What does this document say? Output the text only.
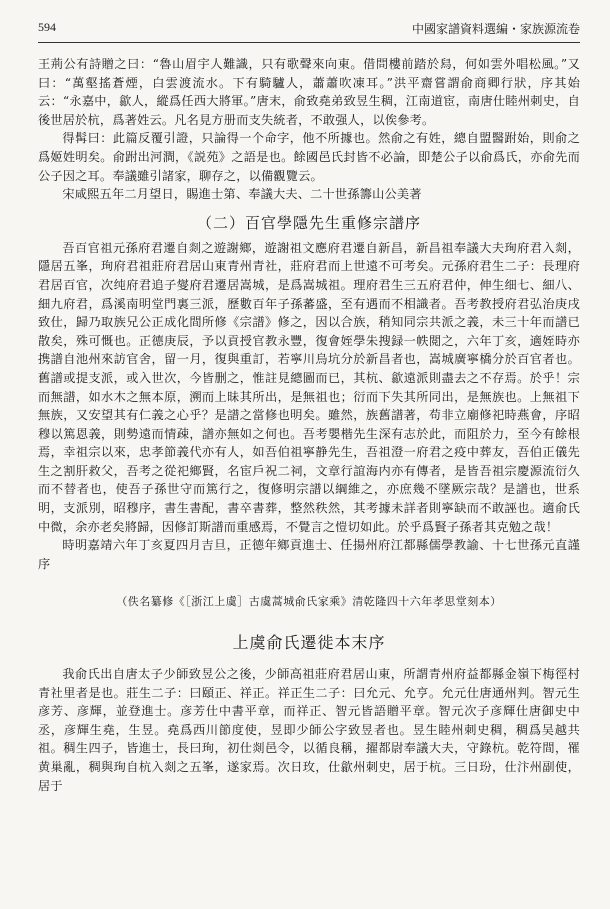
594	中國家譜資料選編・家族源流卷

王荊公有詩贈之曰：“魯山眉宇人難識，只有歌聲來向東。借問樓前踏於舄，何如雲外唱松風。”又曰：“萬壑搖蒼煙，白雲渡流水。下有騎驢人，蕭蕭吹凍耳。”洪平齋嘗謂俞商卿行狀，序其始云：“永嘉中，歙人，縱爲任西大將軍。”唐末，俞致堯弟致昱生稠，江南道宦，南唐仕睦州刺史，自後世居於杭，爲著姓云。凡名見方册而支失統者，不敢强人，以俟參考。

得髯曰：此篇反覆引證，只論得一个命字，他不所據也。然俞之有姓，總自盟醫跗始，則俞之爲姬姓明矣。俞跗出河澗，《説苑》之語是也。餘國邑氏封皆不必論，即楚公子以俞爲氏，亦俞先而公子因之耳。奉議雖引諸家，聊存之，以備觀覽云。

宋咸熙五年二月望日，賜進士第、奉議大夫、二十世孫籌山公美著

（二）百官學隱先生重修宗譜序

吾百官祖元孫府君遷自剡之遊謝鄉，遊謝祖文應府君遷自新昌，新昌祖奉議大夫珣府君入剡，隱居五峯，珣府君祖莊府君居山東青州青社，莊府君而上世遠不可考矣。元孫府君生二子：長理府君居百官，次纯府君追子燮府君遷居嵩城，是爲嵩城祖。理府君生三五府君仲，伸生细七、細八、細九府君，爲溪南明堂門裏三派，歷數百年子孫蕃盛，至有遇而不相識者。吾考教授府君弘治庚戌致仕，歸乃取族兄公正成化間所修《宗譜》修之，因以合族，稍知同宗共派之義，未三十年而譜已散矣，殊可慨也。正德庚辰，予以貢授官教永豐，復會姪學朱搜録一帙閲之，六年丁亥，適姪時亦携譜自池州來訪官舍，留一月，復與重訂，若寧川烏坑分於新昌者也，嵩城廣寧橋分於百官者也。舊譜或提支派，或入世次，今皆删之，惟註見總圖而已，其杭、歙遠派則盡去之不存焉。於乎！宗而無譜，如水木之無本原，溯而上昧其所出，是無祖也；衍而下失其所同出，是無族也。上無祖下無族，又安望其有仁義之心乎？是譜之當修也明矣。雖然，族舊譜著，苟非立廟修祀時燕會，序昭穆以篤恩義，則勢遠而情疎，譜亦無如之何也。吾考嬰楷先生深有志於此，而阻於力，至今有餘根焉，幸祖宗以來，忠孝節義代亦有人，如吾伯祖寧静先生，吾祖澄一府君之疫中葬友，吾伯正儀先生之割肝救父，吾考之從祀鄉賢，名宦戶祝二祠，文章行誼海内亦有傳者，是皆吾祖宗慶源流衍久而不替者也，使吾子孫世守而篤行之，復修明宗譜以綱維之，亦庶幾不墜厥宗哉？是譜也，世系明，支派別，昭穆序，書生書配，書卒書葬，整然秩然，其考據未詳者則寧缺而不敢誣也。適俞氏中微，余亦老矣將歸，因修訂斯譜而重感焉，不覺言之愷切如此。於乎爲賢子孫者其克勉之哉！

時明嘉靖六年丁亥夏四月吉旦，正德年鄉貢進士、任揚州府江都縣儒學教諭、十七世孫元直謹序

（佚名纂修《［浙江上虞］古虞蒿城俞氏家乘》清乾隆四十六年孝思堂刻本）

上虞俞氏遷徙本末序

我俞氏出自唐太子少師致昱公之後，少師高祖莊府君居山東，所謂青州府益都縣金嶺下梅徑村青社里者是也。莊生二子：曰頤正、祥正。祥正生二子：曰允元、允亨。允元仕唐通州判。智元生彦芳、彦輝，並登進士。彦芳仕中書平章，而祥正、智元皆語贈平章。智元次子彦輝仕唐御史中丞，彦輝生堯，生昱。堯爲西川節度使，昱即少師公字致昱者也。昱生睦州刺史稠，稠爲吴越共祖。稠生四子，皆進士，長曰珣，初仕剡邑令，以循良稱，擢都尉奉議大夫，守錄杭。乾符間，罹黄巢亂，稠與珣自杭入剡之五峯，遂家焉。次日玫，仕歙州刺史，居于杭。三日玢，仕汴州副使，居于
